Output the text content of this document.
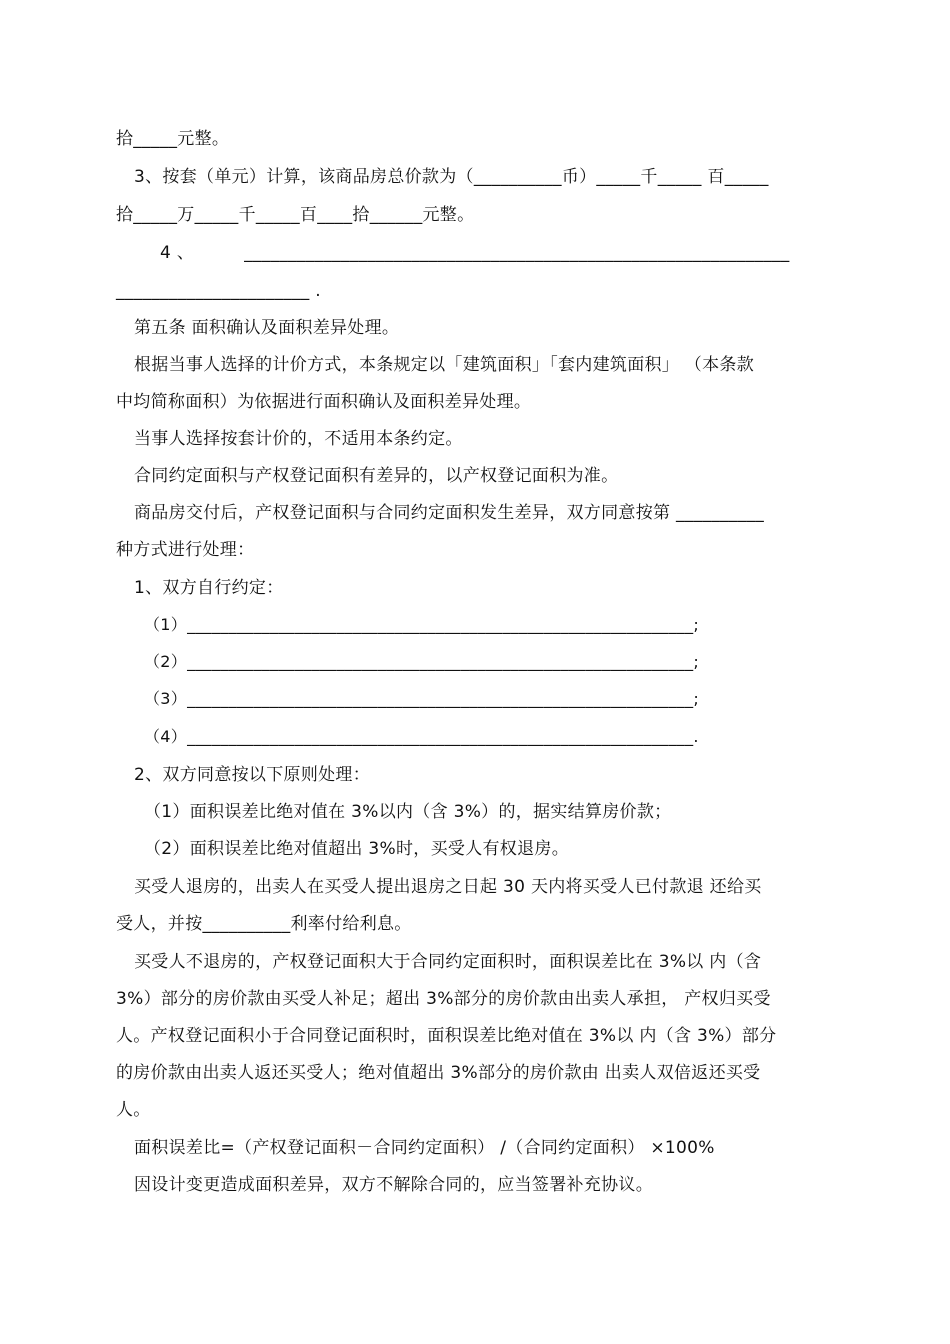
拾_____元整。
3、按套（单元）计算，该商品房总价款为（__________币）_____千_____ 百_____
拾_____万_____千_____百____拾______元整。
4 、	______________________________________________________________
______________________ .
第五条 面积确认及面积差异处理。
根据当事人选择的计价方式，本条规定以「建筑面积」「套内建筑面积」 （本条款
中均简称面积）为依据进行面积确认及面积差异处理。
当事人选择按套计价的，不适用本条约定。
合同约定面积与产权登记面积有差异的，以产权登记面积为准。
商品房交付后，产权登记面积与合同约定面积发生差异，双方同意按第 __________
种方式进行处理：
1、双方自行约定：
（1）_____________________________________________________________;
（2）_____________________________________________________________;
（3）_____________________________________________________________;
（4）_____________________________________________________________.
2、双方同意按以下原则处理：
（1）面积误差比绝对值在 3%以内（含 3%）的，据实结算房价款；
（2）面积误差比绝对值超出 3%时，买受人有权退房。
买受人退房的，出卖人在买受人提出退房之日起 30 天内将买受人已付款退 还给买
受人，并按__________利率付给利息。
买受人不退房的，产权登记面积大于合同约定面积时，面积误差比在 3%以 内（含
3%）部分的房价款由买受人补足；超出 3%部分的房价款由出卖人承担， 产权归买受
人。产权登记面积小于合同登记面积时，面积误差比绝对值在 3%以 内（含 3%）部分
的房价款由出卖人返还买受人；绝对值超出 3%部分的房价款由 出卖人双倍返还买受
人。
面积误差比=（产权登记面积－合同约定面积） /（合同约定面积） ×100%
因设计变更造成面积差异，双方不解除合同的，应当签署补充协议。
